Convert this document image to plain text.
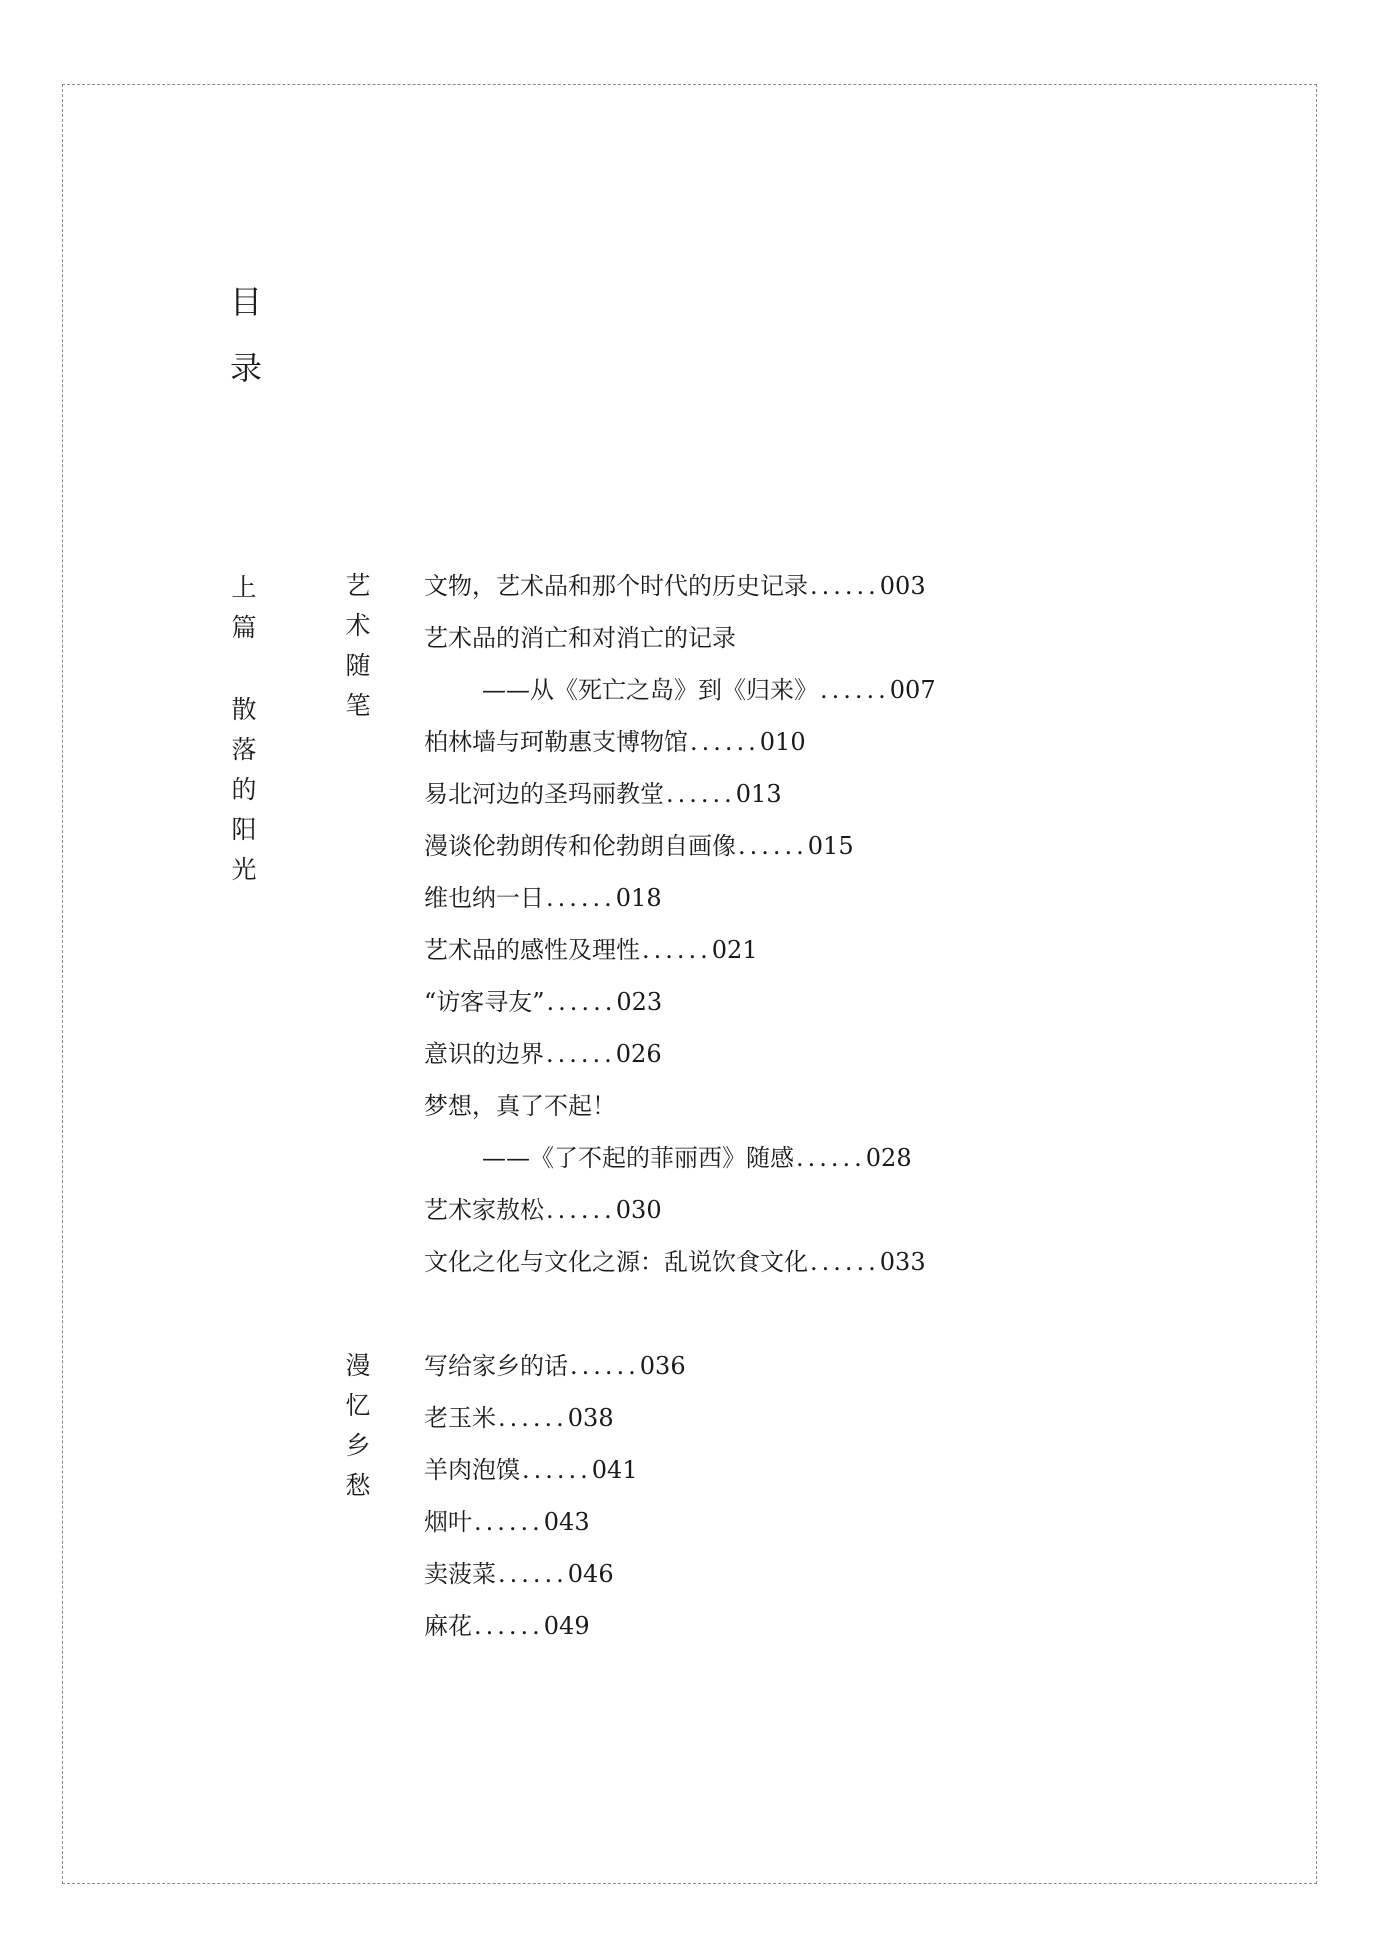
目
录
上
篇
散
落
的
阳
光
艺
术
随
笔
漫
忆
乡
愁
文物，艺术品和那个时代的历史记录......003
艺术品的消亡和对消亡的记录
——从《死亡之岛》到《归来》......007
柏林墙与珂勒惠支博物馆......010
易北河边的圣玛丽教堂......013
漫谈伦勃朗传和伦勃朗自画像......015
维也纳一日......018
艺术品的感性及理性......021
“访客寻友”......023
意识的边界......026
梦想，真了不起！
——《了不起的菲丽西》随感......028
艺术家敖松......030
文化之化与文化之源：乱说饮食文化......033
写给家乡的话......036
老玉米......038
羊肉泡馍......041
烟叶......043
卖菠菜......046
麻花......049
